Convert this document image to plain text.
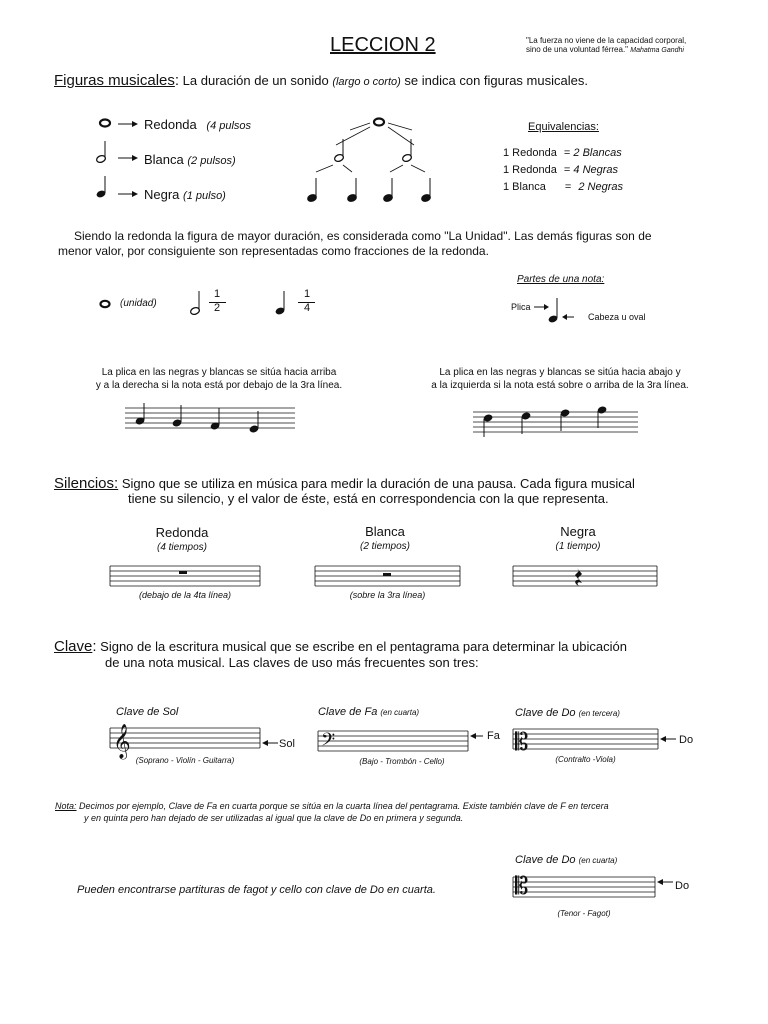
LECCION 2	"La fuerza no viene de la capacidad corporal,
sino de una voluntad férrea." Mahatma Gandhi
Figuras musicales: La duración de un sonido (largo o corto) se indica con figuras musicales.
Redonda (4 pulsos
Blanca (2 pulsos)
Negra (1 pulso)
Equivalencias:
1 Redonda = 2 Blancas
1 Redonda = 4 Negras
1 Blanca = 2 Negras
Siendo la redonda la figura de mayor duración, es considerada como "La Unidad". Las demás figuras son de
menor valor, por consiguiente son representadas como fracciones de la redonda.
(unidad)
1
2
1
4
Partes de una nota:
Plica
Cabeza u oval
La plica en las negras y blancas se sitúa hacia arriba
y a la derecha si la nota está por debajo de la 3ra línea.
La plica en las negras y blancas se sitúa hacia abajo y
a la izquierda si la nota está sobre o arriba de la 3ra línea.
Silencios: Signo que se utiliza en música para medir la duración de una pausa. Cada figura musical
tiene su silencio, y el valor de éste, está en correspondencia con la que representa.
Redonda
(4 tiempos)
Blanca
(2 tiempos)
Negra
(1 tiempo)
(debajo de la 4ta línea)	(sobre la 3ra línea)
Clave: Signo de la escritura musical que se escribe en el pentagrama para determinar la ubicación
de una nota musical. Las claves de uso más frecuentes son tres:
Clave de Sol
𝄞	Sol
(Soprano - Violín - Guitarra)
Clave de Fa (en cuarta)
𝄢	Fa
(Bajo - Trombón - Cello)
Clave de Do (en tercera)
𝄡	Do
(Contralto -Viola)
Nota: Decimos por ejemplo, Clave de Fa en cuarta porque se sitúa en la cuarta línea del pentagrama. Existe también clave de F en tercera
y en quinta pero han dejado de ser utilizadas al igual que la clave de Do en primera y segunda.
Clave de Do (en cuarta)
Pueden encontrarse partituras de fagot y cello con clave de Do en cuarta.	𝄡	Do
(Tenor - Fagot)
